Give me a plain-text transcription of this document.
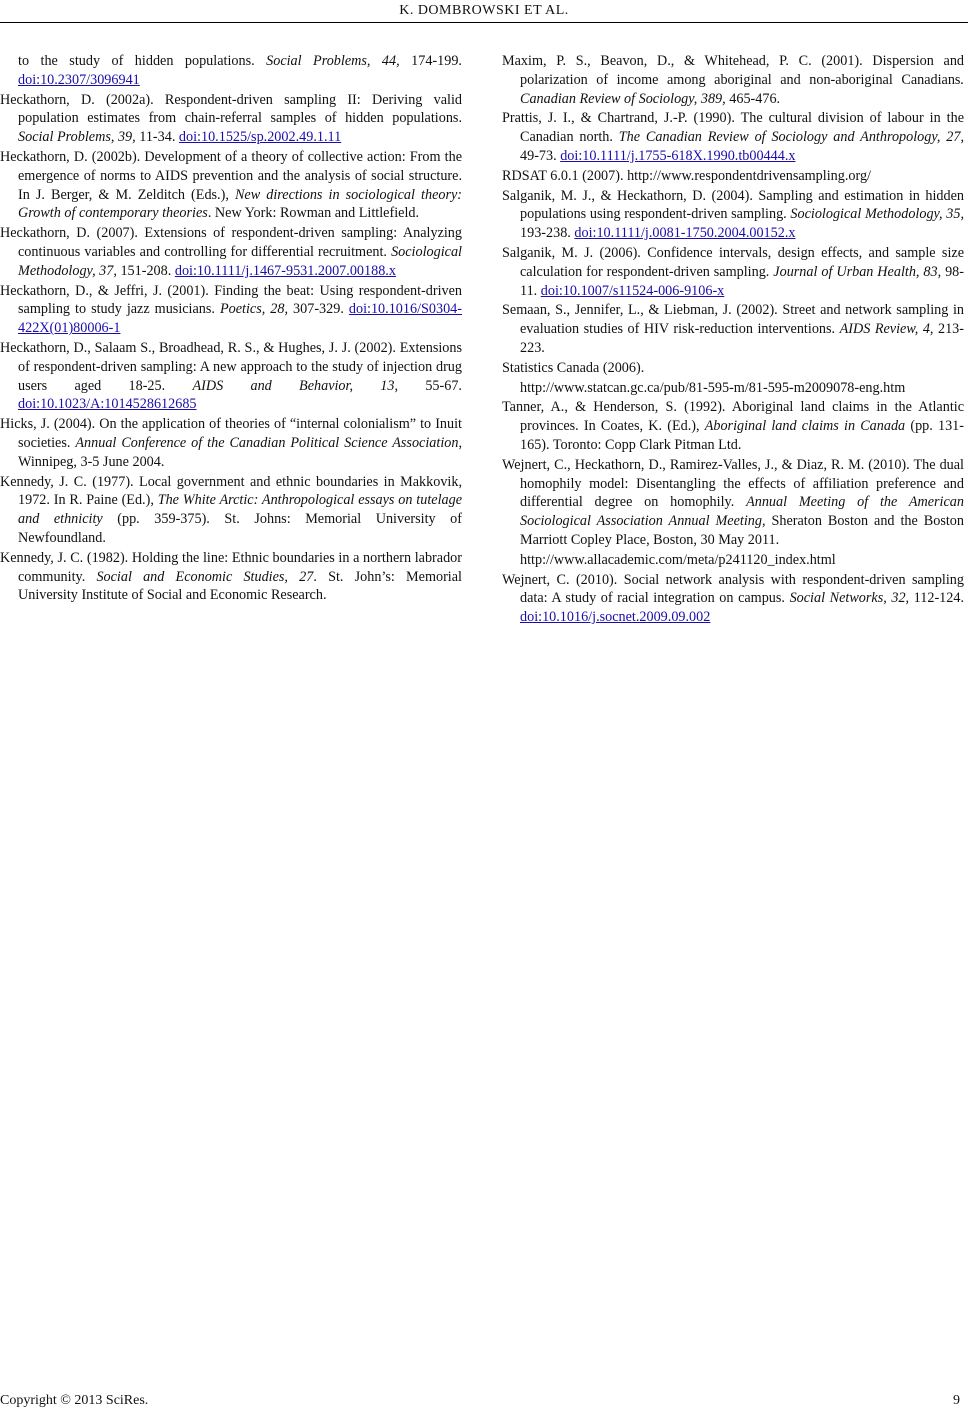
K. DOMBROWSKI ET AL.
to the study of hidden populations. Social Problems, 44, 174-199. doi:10.2307/3096941
Heckathorn, D. (2002a). Respondent-driven sampling II: Deriving valid population estimates from chain-referral samples of hidden populations. Social Problems, 39, 11-34. doi:10.1525/sp.2002.49.1.11
Heckathorn, D. (2002b). Development of a theory of collective action: From the emergence of norms to AIDS prevention and the analysis of social structure. In J. Berger, & M. Zelditch (Eds.), New directions in sociological theory: Growth of contemporary theories. New York: Rowman and Littlefield.
Heckathorn, D. (2007). Extensions of respondent-driven sampling: Analyzing continuous variables and controlling for differential recruitment. Sociological Methodology, 37, 151-208. doi:10.1111/j.1467-9531.2007.00188.x
Heckathorn, D., & Jeffri, J. (2001). Finding the beat: Using respondent-driven sampling to study jazz musicians. Poetics, 28, 307-329. doi:10.1016/S0304-422X(01)80006-1
Heckathorn, D., Salaam S., Broadhead, R. S., & Hughes, J. J. (2002). Extensions of respondent-driven sampling: A new approach to the study of injection drug users aged 18-25. AIDS and Behavior, 13, 55-67. doi:10.1023/A:1014528612685
Hicks, J. (2004). On the application of theories of “internal colonialism” to Inuit societies. Annual Conference of the Canadian Political Science Association, Winnipeg, 3-5 June 2004.
Kennedy, J. C. (1977). Local government and ethnic boundaries in Makkovik, 1972. In R. Paine (Ed.), The White Arctic: Anthropological essays on tutelage and ethnicity (pp. 359-375). St. Johns: Memorial University of Newfoundland.
Kennedy, J. C. (1982). Holding the line: Ethnic boundaries in a northern labrador community. Social and Economic Studies, 27. St. John’s: Memorial University Institute of Social and Economic Research.
Maxim, P. S., Beavon, D., & Whitehead, P. C. (2001). Dispersion and polarization of income among aboriginal and non-aboriginal Canadians. Canadian Review of Sociology, 389, 465-476.
Prattis, J. I., & Chartrand, J.-P. (1990). The cultural division of labour in the Canadian north. The Canadian Review of Sociology and Anthropology, 27, 49-73. doi:10.1111/j.1755-618X.1990.tb00444.x
RDSAT 6.0.1 (2007). http://www.respondentdrivensampling.org/
Salganik, M. J., & Heckathorn, D. (2004). Sampling and estimation in hidden populations using respondent-driven sampling. Sociological Methodology, 35, 193-238. doi:10.1111/j.0081-1750.2004.00152.x
Salganik, M. J. (2006). Confidence intervals, design effects, and sample size calculation for respondent-driven sampling. Journal of Urban Health, 83, 98-11. doi:10.1007/s11524-006-9106-x
Semaan, S., Jennifer, L., & Liebman, J. (2002). Street and network sampling in evaluation studies of HIV risk-reduction interventions. AIDS Review, 4, 213-223.
Statistics Canada (2006).
http://www.statcan.gc.ca/pub/81-595-m/81-595-m2009078-eng.htm
Tanner, A., & Henderson, S. (1992). Aboriginal land claims in the Atlantic provinces. In Coates, K. (Ed.), Aboriginal land claims in Canada (pp. 131-165). Toronto: Copp Clark Pitman Ltd.
Wejnert, C., Heckathorn, D., Ramirez-Valles, J., & Diaz, R. M. (2010). The dual homophily model: Disentangling the effects of affiliation preference and differential degree on homophily. Annual Meeting of the American Sociological Association Annual Meeting, Sheraton Boston and the Boston Marriott Copley Place, Boston, 30 May 2011.
http://www.allacademic.com/meta/p241120_index.html
Wejnert, C. (2010). Social network analysis with respondent-driven sampling data: A study of racial integration on campus. Social Networks, 32, 112-124. doi:10.1016/j.socnet.2009.09.002
Copyright © 2013 SciRes.	9
